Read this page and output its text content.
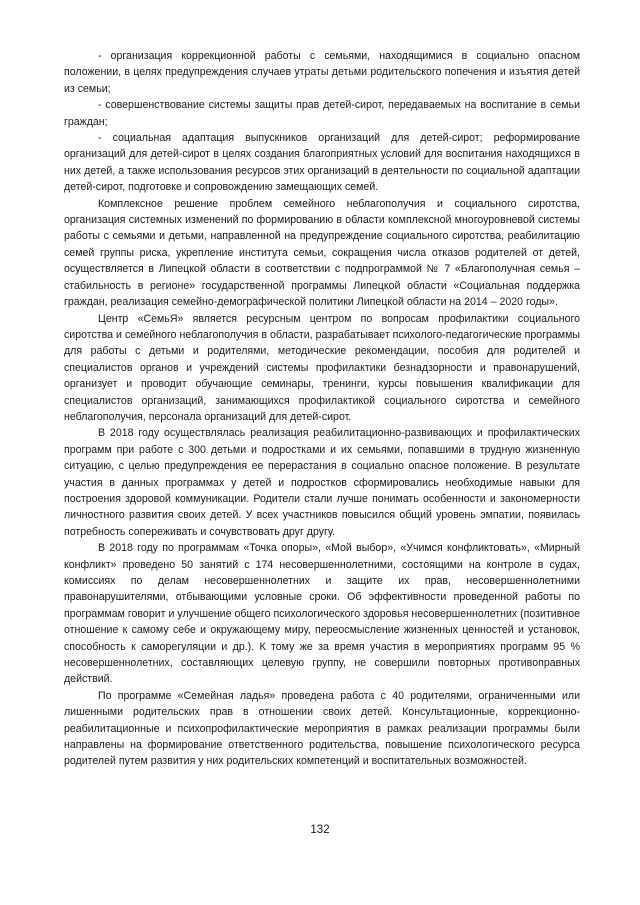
- организация коррекционной работы с семьями, находящимися в социально опасном положении, в целях предупреждения случаев утраты детьми родительского попечения и изъятия детей из семьи;

- совершенствование системы защиты прав детей-сирот, передаваемых на воспитание в семьи граждан;

- социальная адаптация выпускников организаций для детей-сирот; реформирование организаций для детей-сирот в целях создания благоприятных условий для воспитания находящихся в них детей, а также использования ресурсов этих организаций в деятельности по социальной адаптации детей-сирот, подготовке и сопровождению замещающих семей.

Комплексное решение проблем семейного неблагополучия и социального сиротства, организация системных изменений по формированию в области комплексной многоуровневой системы работы с семьями и детьми, направленной на предупреждение социального сиротства, реабилитацию семей группы риска, укрепление института семьи, сокращения числа отказов родителей от детей, осуществляется в Липецкой области в соответствии с подпрограммой № 7 «Благополучная семья – стабильность в регионе» государственной программы Липецкой области «Социальная поддержка граждан, реализация семейно-демографической политики Липецкой области на 2014 – 2020 годы».

Центр «СемьЯ» является ресурсным центром по вопросам профилактики социального сиротства и семейного неблагополучия в области, разрабатывает психолого-педагогические программы для работы с детьми и родителями, методические рекомендации, пособия для родителей и специалистов органов и учреждений системы профилактики безнадзорности и правонарушений, организует и проводит обучающие семинары, тренинги, курсы повышения квалификации для специалистов организаций, занимающихся профилактикой социального сиротства и семейного неблагополучия, персонала организаций для детей-сирот.

В 2018 году осуществлялась реализация реабилитационно-развивающих и профилактических программ при работе с 300 детьми и подростками и их семьями, попавшими в трудную жизненную ситуацию, с целью предупреждения ее перерастания в социально опасное положение. В результате участия в данных программах у детей и подростков сформировались необходимые навыки для построения здоровой коммуникации. Родители стали лучше понимать особенности и закономерности личностного развития своих детей. У всех участников повысился общий уровень эмпатии, появилась потребность сопереживать и сочувствовать друг другу.

В 2018 году по программам «Точка опоры», «Мой выбор», «Учимся конфликтовать», «Мирный конфликт» проведено 50 занятий с 174 несовершеннолетними, состоящими на контроле в судах, комиссиях по делам несовершеннолетних и защите их прав, несовершеннолетними правонарушителями, отбывающими условные сроки. Об эффективности проведенной работы по программам говорит и улучшение общего психологического здоровья несовершеннолетних (позитивное отношение к самому себе и окружающему миру, переосмысление жизненных ценностей и установок, способность к саморегуляции и др.). К тому же за время участия в мероприятиях программ 95 % несовершеннолетних, составляющих целевую группу, не совершили повторных противоправных действий.

По программе «Семейная ладья» проведена работа с 40 родителями, ограниченными или лишенными родительских прав в отношении своих детей. Консультационные, коррекционно-реабилитационные и психопрофилактические мероприятия в рамках реализации программы были направлены на формирование ответственного родительства, повышение психологического ресурса родителей путем развития у них родительских компетенций и воспитательных возможностей.

132
